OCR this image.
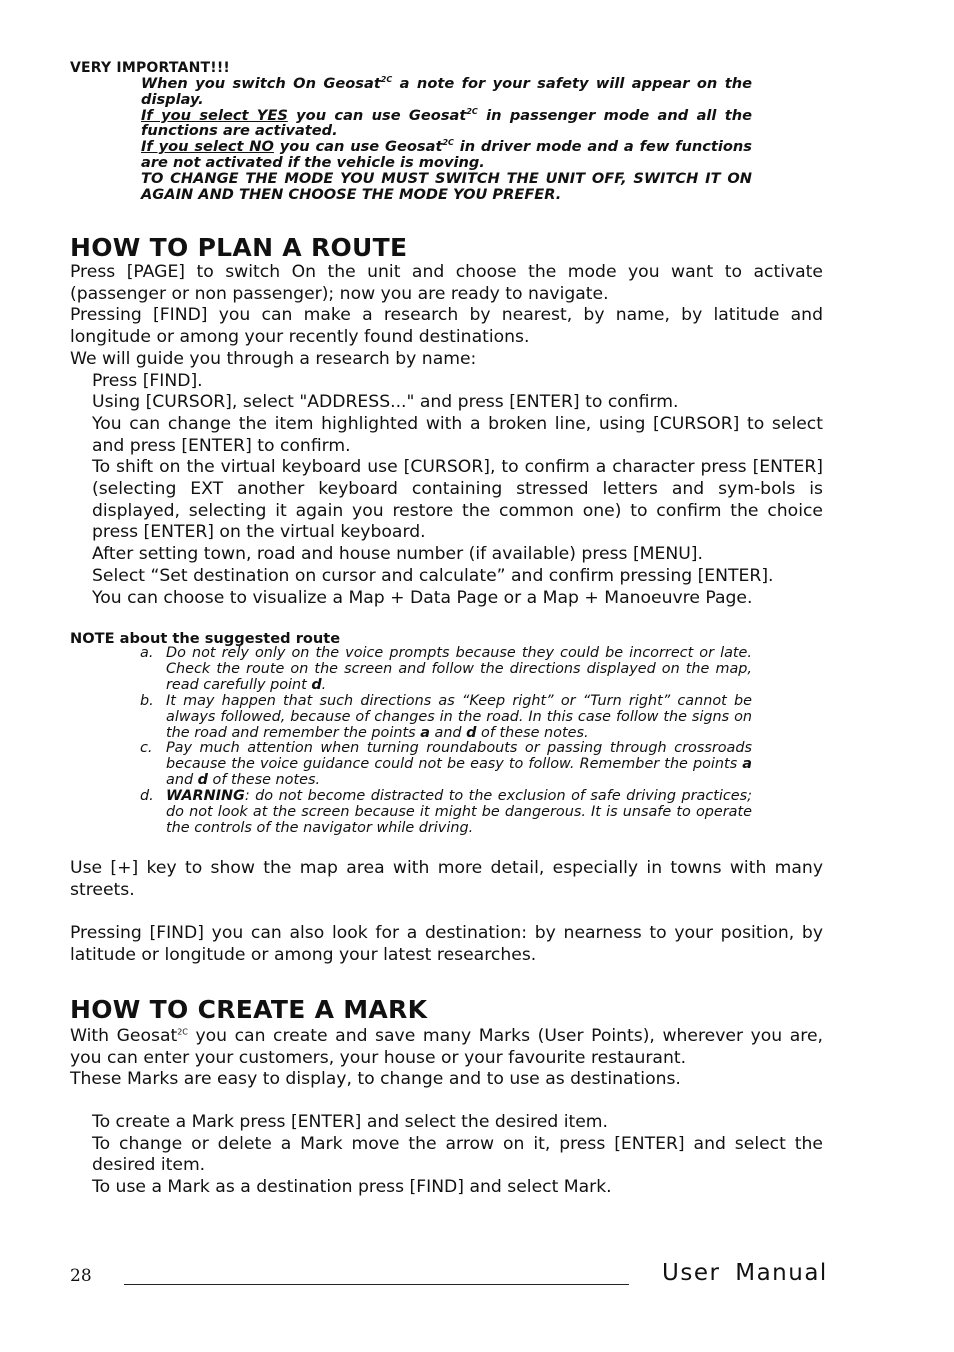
VERY IMPORTANT!!!

When you switch On Geosat$^{2C}$ a note for your safety will appear on the display.

If you select YES you can use Geosat$^{2C}$ in passenger mode and all the functions are activated.

If you select NO you can use Geosat$^{2C}$ in driver mode and a few functions are not activated if the vehicle is moving.

TO CHANGE THE MODE YOU MUST SWITCH THE UNIT OFF, SWITCH IT ON AGAIN AND THEN CHOOSE THE MODE YOU PREFER.

HOW TO PLAN A ROUTE

Press [PAGE] to switch On the unit and choose the mode you want to activate (passenger or non passenger); now you are ready to navigate.

Pressing [FIND] you can make a research by nearest, by name, by latitude and longitude or among your recently found destinations.

We will guide you through a research by name:

Press [FIND].

Using [CURSOR], select "ADDRESS..." and press [ENTER] to confirm.

You can change the item highlighted with a broken line, using [CURSOR] to select and press [ENTER] to confirm.

To shift on the virtual keyboard use [CURSOR], to confirm a character press [ENTER] (selecting EXT another keyboard containing stressed letters and sym-bols is displayed, selecting it again you restore the common one) to confirm the choice press [ENTER] on the virtual keyboard.

After setting town, road and house number (if available) press [MENU].

Select “Set destination on cursor and calculate” and confirm pressing [ENTER].

You can choose to visualize a Map + Data Page or a Map + Manoeuvre Page.

NOTE about the suggested route
a. Do not rely only on the voice prompts because they could be incorrect or late. Check the route on the screen and follow the directions displayed on the map, read carefully point d.
b. It may happen that such directions as “Keep right” or “Turn right” cannot be always followed, because of changes in the road. In this case follow the signs on the road and remember the points a and d of these notes.
c. Pay much attention when turning roundabouts or passing through crossroads because the voice guidance could not be easy to follow. Remember the points a and d of these notes.
d. WARNING: do not become distracted to the exclusion of safe driving practices; do not look at the screen because it might be dangerous. It is unsafe to operate the controls of the navigator while driving.

Use [+] key to show the map area with more detail, especially in towns with many streets.

Pressing [FIND] you can also look for a destination: by nearness to your position, by latitude or longitude or among your latest researches.

HOW TO CREATE A MARK

With Geosat$^{2C}$ you can create and save many Marks (User Points), wherever you are, you can enter your customers, your house or your favourite restaurant.

These Marks are easy to display, to change and to use as destinations.

To create a Mark press [ENTER] and select the desired item.

To change or delete a Mark move the arrow on it, press [ENTER] and select the desired item.

To use a Mark as a destination press [FIND] and select Mark.

28	User Manual
